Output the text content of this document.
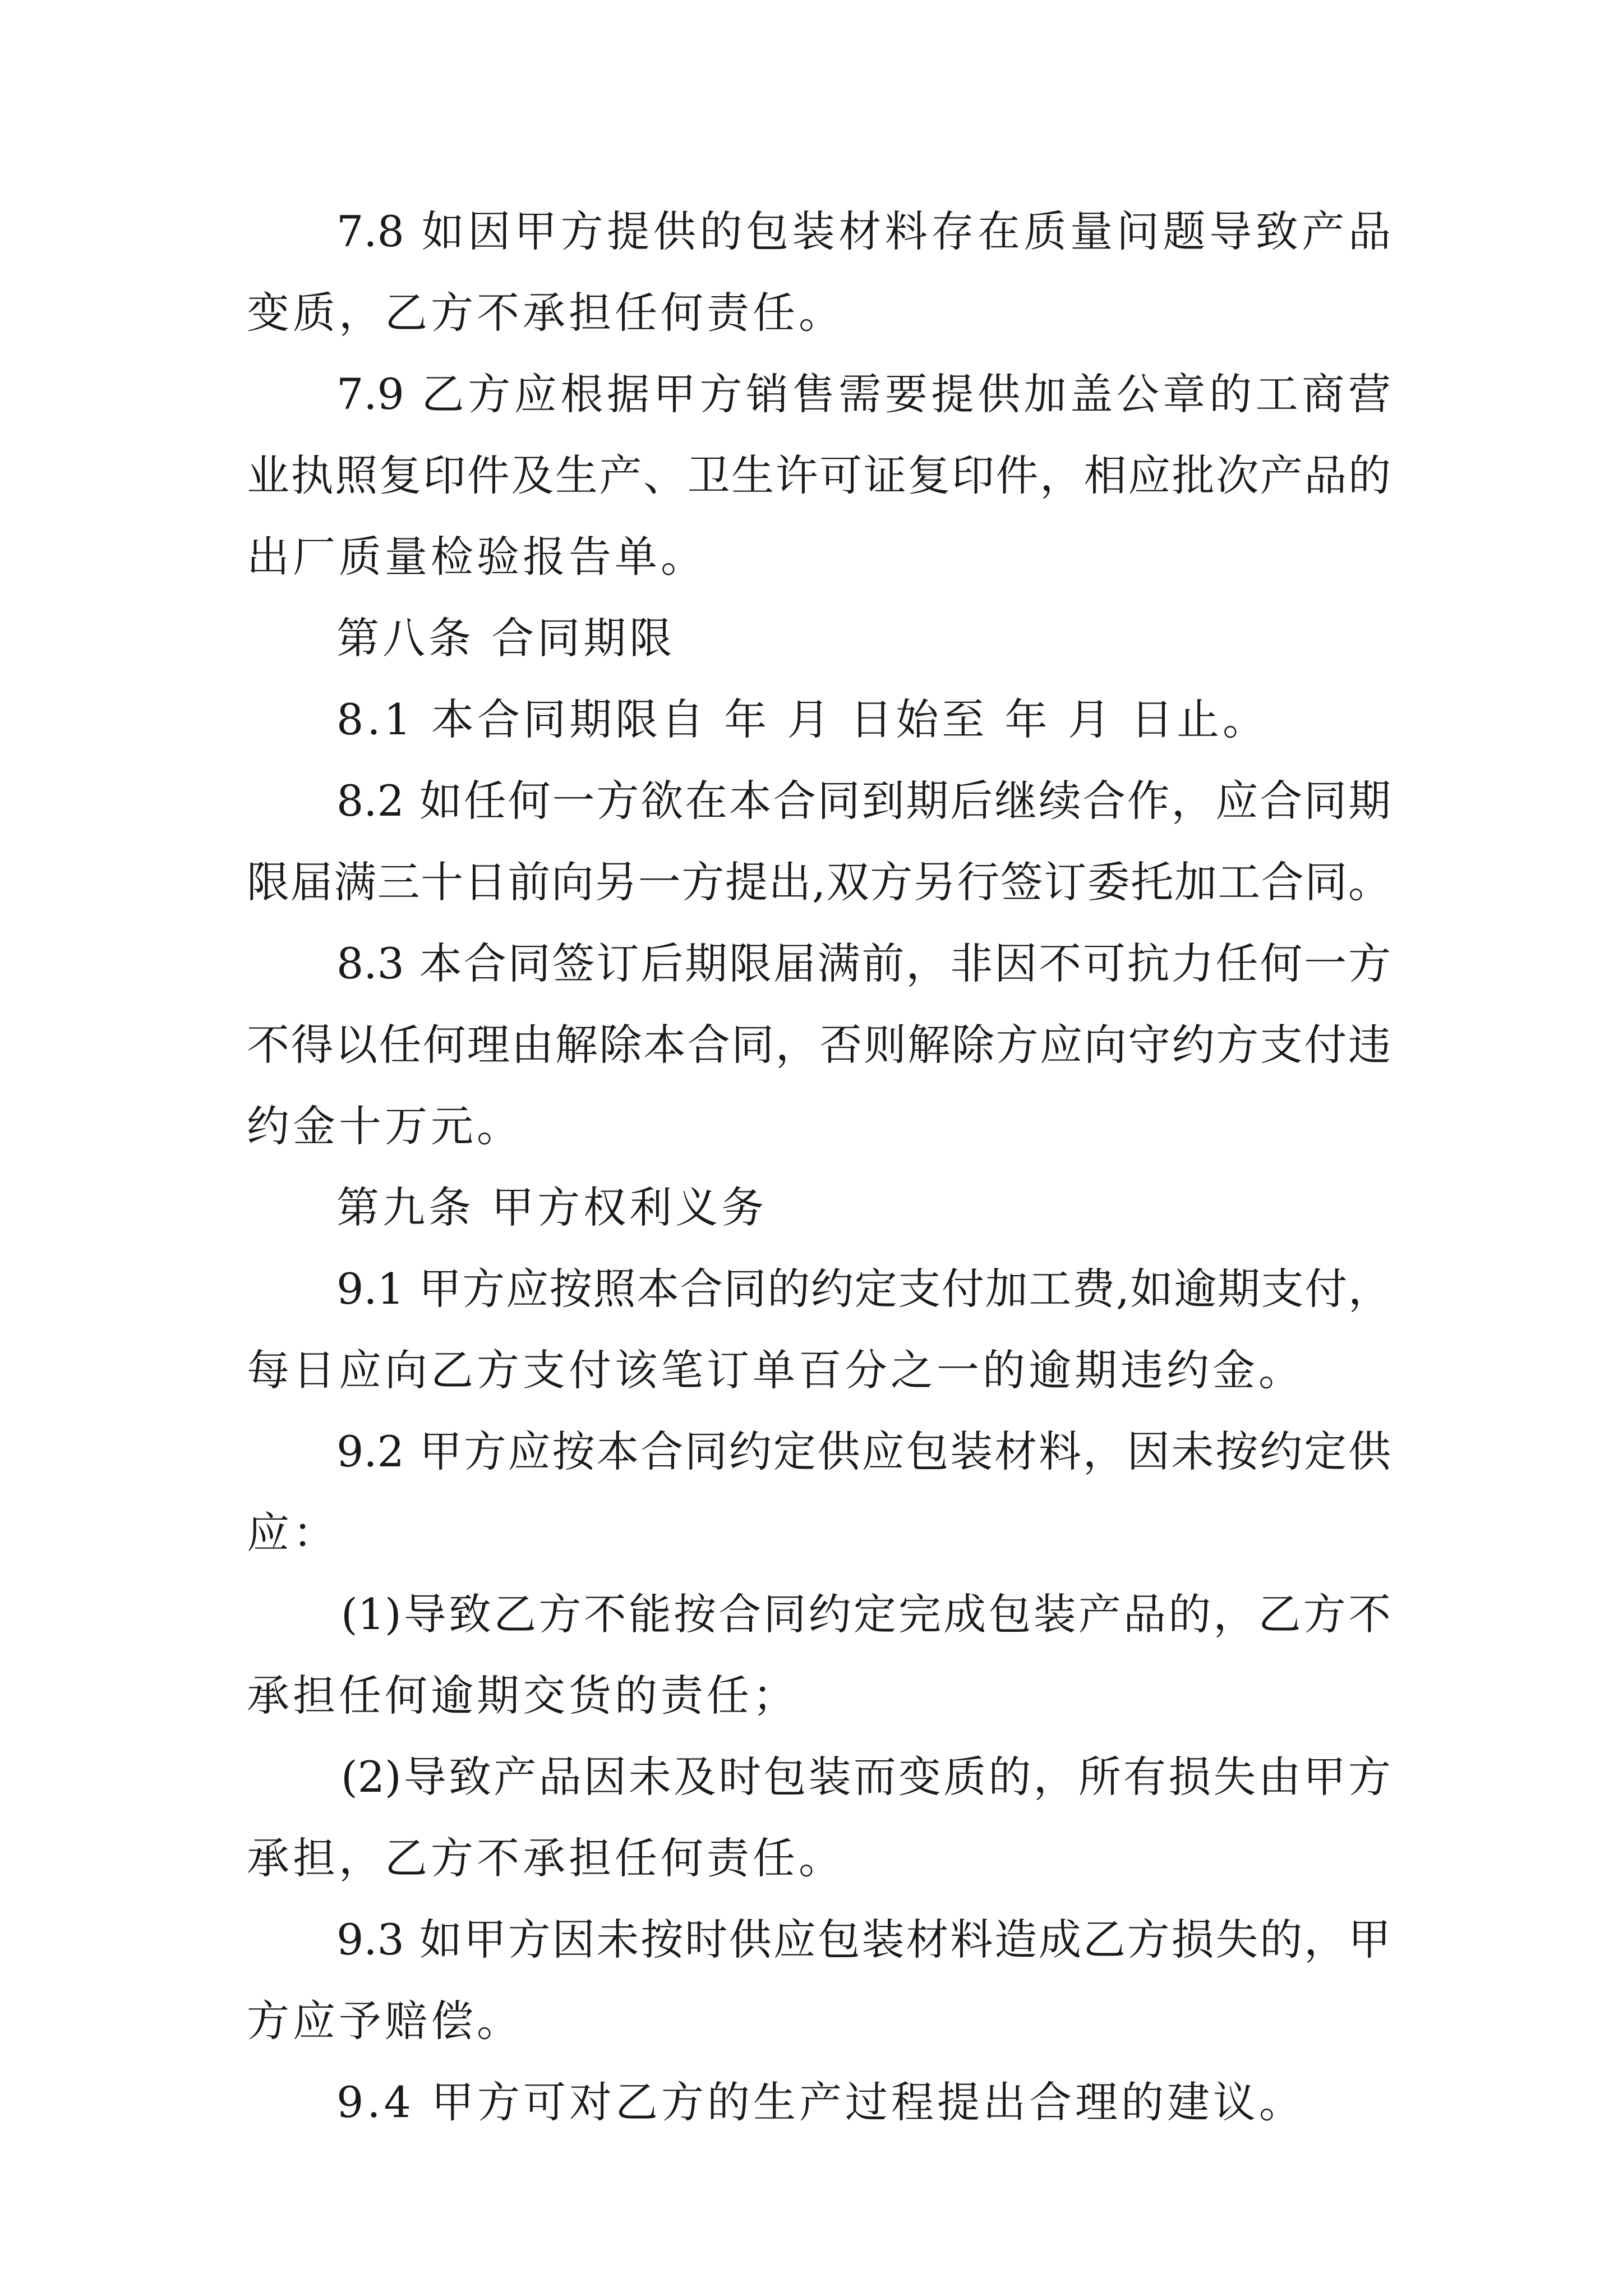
7.8 如因甲方提供的包装材料存在质量问题导致产品
变质，乙方不承担任何责任。
7.9 乙方应根据甲方销售需要提供加盖公章的工商营
业执照复印件及生产、卫生许可证复印件，相应批次产品的
出厂质量检验报告单。
第八条 合同期限
8.1 本合同期限自 年 月 日始至 年 月 日止。
8.2 如任何一方欲在本合同到期后继续合作，应合同期
限届满三十日前向另一方提出,双方另行签订委托加工合同。
8.3 本合同签订后期限届满前，非因不可抗力任何一方
不得以任何理由解除本合同，否则解除方应向守约方支付违
约金十万元。
第九条 甲方权利义务
9.1 甲方应按照本合同的约定支付加工费,如逾期支付，
每日应向乙方支付该笔订单百分之一的逾期违约金。
9.2 甲方应按本合同约定供应包装材料，因未按约定供
应：
(1)导致乙方不能按合同约定完成包装产品的，乙方不
承担任何逾期交货的责任；
(2)导致产品因未及时包装而变质的，所有损失由甲方
承担，乙方不承担任何责任。
9.3 如甲方因未按时供应包装材料造成乙方损失的，甲
方应予赔偿。
9.4 甲方可对乙方的生产过程提出合理的建议。
